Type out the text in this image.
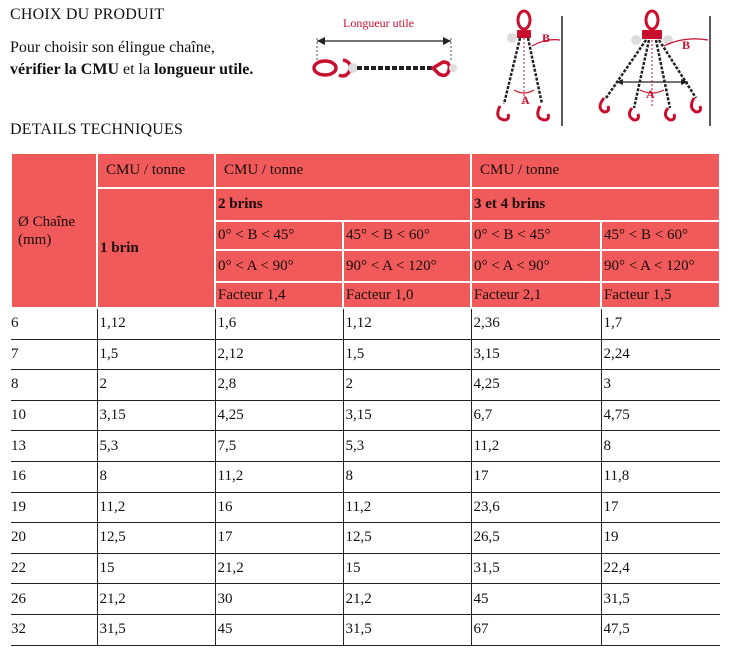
CHOIX DU PRODUIT
Pour choisir son élingue chaîne,
vérifier la CMU et la longueur utile.
Longueur utile
A
B
A
B
DETAILS TECHNIQUES
Ø Chaîne (mm)	CMU / tonne	CMU / tonne		CMU / tonne	
	1 brin	2 brins		3 et 4 brins	
		0° < B < 45°	45° < B < 60°	0° < B < 45°	45° < B < 60°
		0° < A < 90°	90° < A < 120°	0° < A < 90°	90° < A < 120°
		Facteur 1,4	Facteur 1,0	Facteur 2,1	Facteur 1,5
6	1,12	1,6	1,12	2,36	1,7
7	1,5	2,12	1,5	3,15	2,24
8	2	2,8	2	4,25	3
10	3,15	4,25	3,15	6,7	4,75
13	5,3	7,5	5,3	11,2	8
16	8	11,2	8	17	11,8
19	11,2	16	11,2	23,6	17
20	12,5	17	12,5	26,5	19
22	15	21,2	15	31,5	22,4
26	21,2	30	21,2	45	31,5
32	31,5	45	31,5	67	47,5
